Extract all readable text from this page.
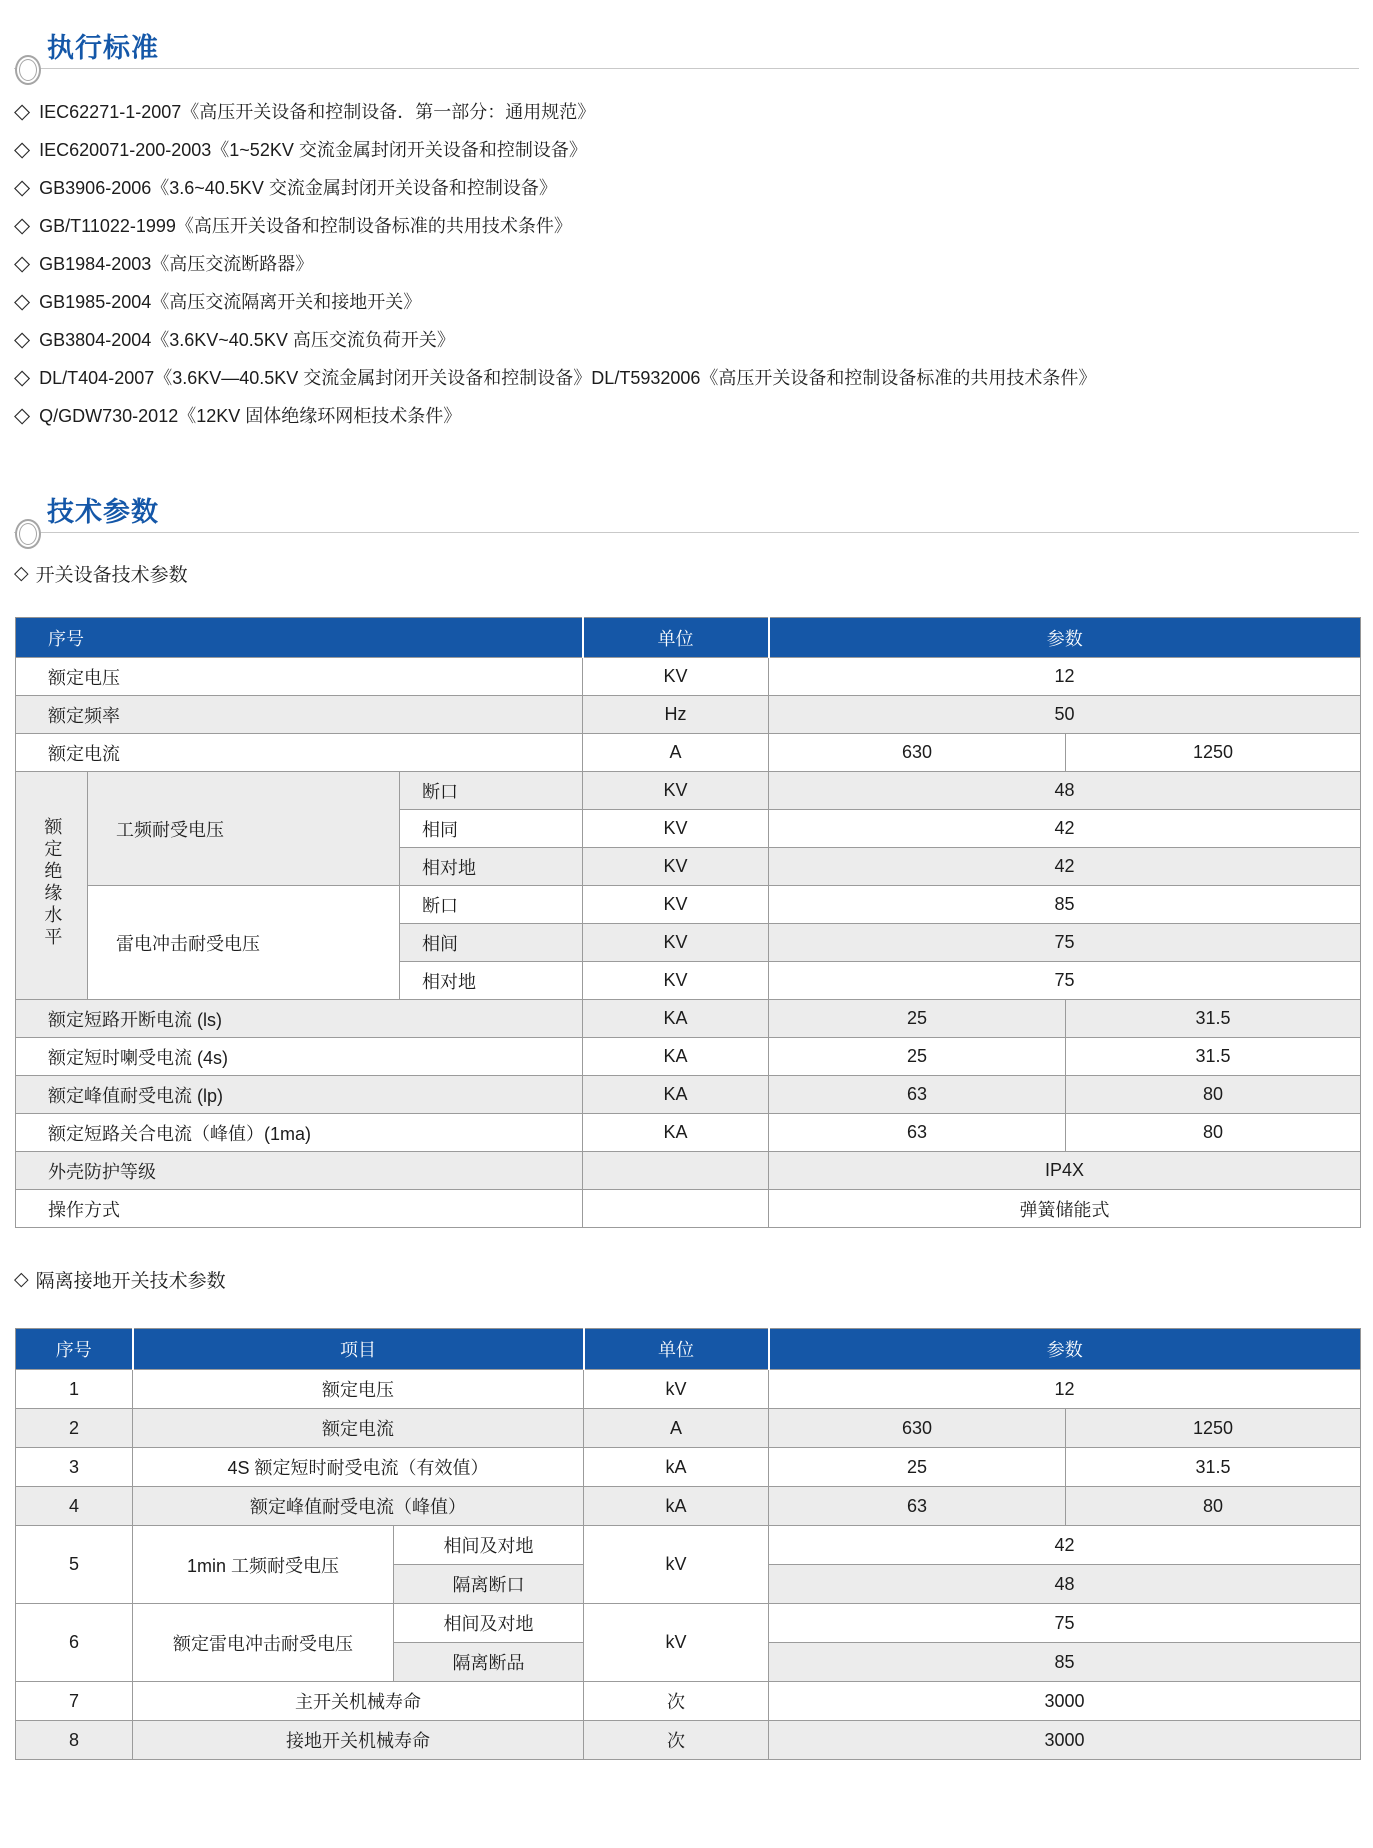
执行标准
◇ IEC62271-1-2007《高压开关设备和控制设备．第一部分：通用规范》
◇ IEC620071-200-2003《1~52KV 交流金属封闭开关设备和控制设备》
◇ GB3906-2006《3.6~40.5KV 交流金属封闭开关设备和控制设备》
◇ GB/T11022-1999《高压开关设备和控制设备标准的共用技术条件》
◇ GB1984-2003《高压交流断路器》
◇ GB1985-2004《高压交流隔离开关和接地开关》
◇ GB3804-2004《3.6KV~40.5KV 高压交流负荷开关》
◇ DL/T404-2007《3.6KV—40.5KV 交流金属封闭开关设备和控制设备》DL/T5932006《高压开关设备和控制设备标准的共用技术条件》
◇ Q/GDW730-2012《12KV 固体绝缘环网柜技术条件》
技术参数
◇ 开关设备技术参数
序号			单位	参数	
额定电压			KV	12	
额定频率			Hz	50	
额定电流			A	630	1250
额定绝缘水平	工频耐受电压	断口	KV	48	
		相同	KV	42	
		相对地	KV	42	
	雷电冲击耐受电压	断口	KV	85	
		相间	KV	75	
		相对地	KV	75	
额定短路开断电流 (ls)			KA	25	31.5
额定短时喇受电流 (4s)			KA	25	31.5
额定峰值耐受电流 (lp)			KA	63	80
额定短路关合电流（峰值）(1ma)			KA	63	80
外壳防护等级				IP4X	
操作方式				弹簧储能式	
◇ 隔离接地开关技术参数
序号	项目		单位	参数	
1	额定电压		kV	12	
2	额定电流		A	630	1250
3	4S 额定短时耐受电流（有效值）		kA	25	31.5
4	额定峰值耐受电流（峰值）		kA	63	80
5	1min 工频耐受电压	相间及对地	kV	42	
		隔离断口		48	
6	额定雷电冲击耐受电压	相间及对地	kV	75	
		隔离断品		85	
7	主开关机械寿命		次	3000	
8	接地开关机械寿命		次	3000	
